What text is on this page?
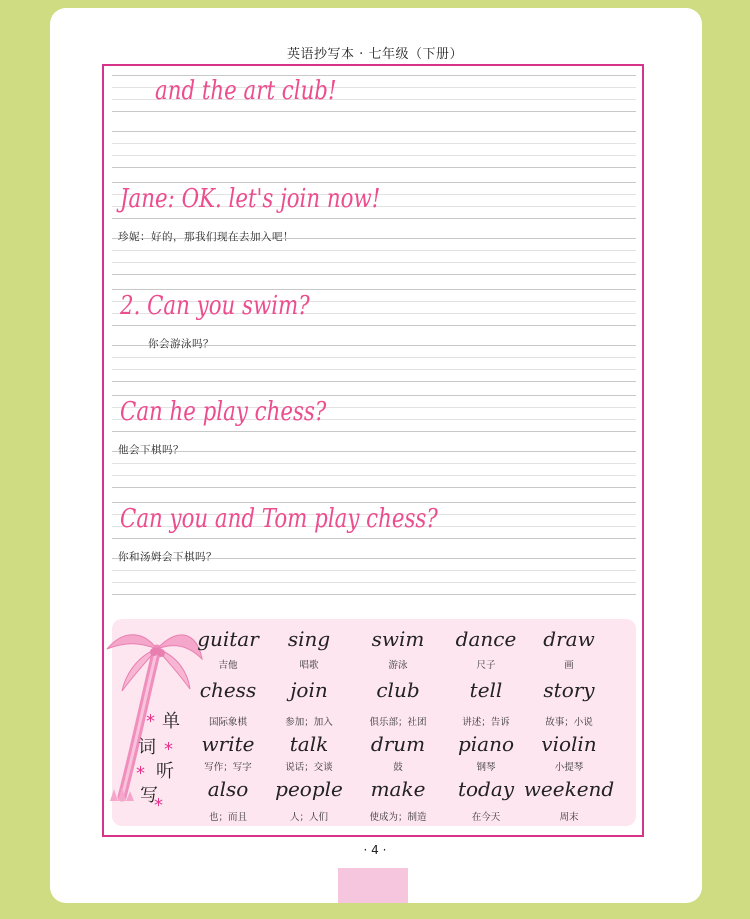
英语抄写本 · 七年级（下册）
and the art club!
Jane: OK. let's join now!
珍妮：好的，那我们现在去加入吧！
2. Can you swim?
你会游泳吗？
Can he play chess?
他会下棋吗？
Can you and Tom play chess?
你和汤姆会下棋吗？
单
词
听
写
*
*
*
*
guitar
吉他
sing
唱歌
swim
游泳
dance
尺子
draw
画
chess
国际象棋
join
参加；加入
club
俱乐部；社团
tell
讲述；告诉
story
故事；小说
write
写作；写字
talk
说话；交谈
drum
鼓
piano
钢琴
violin
小提琴
also
也；而且
people
人；人们
make
使成为；制造
today
在今天
weekend
周末
· 4 ·
